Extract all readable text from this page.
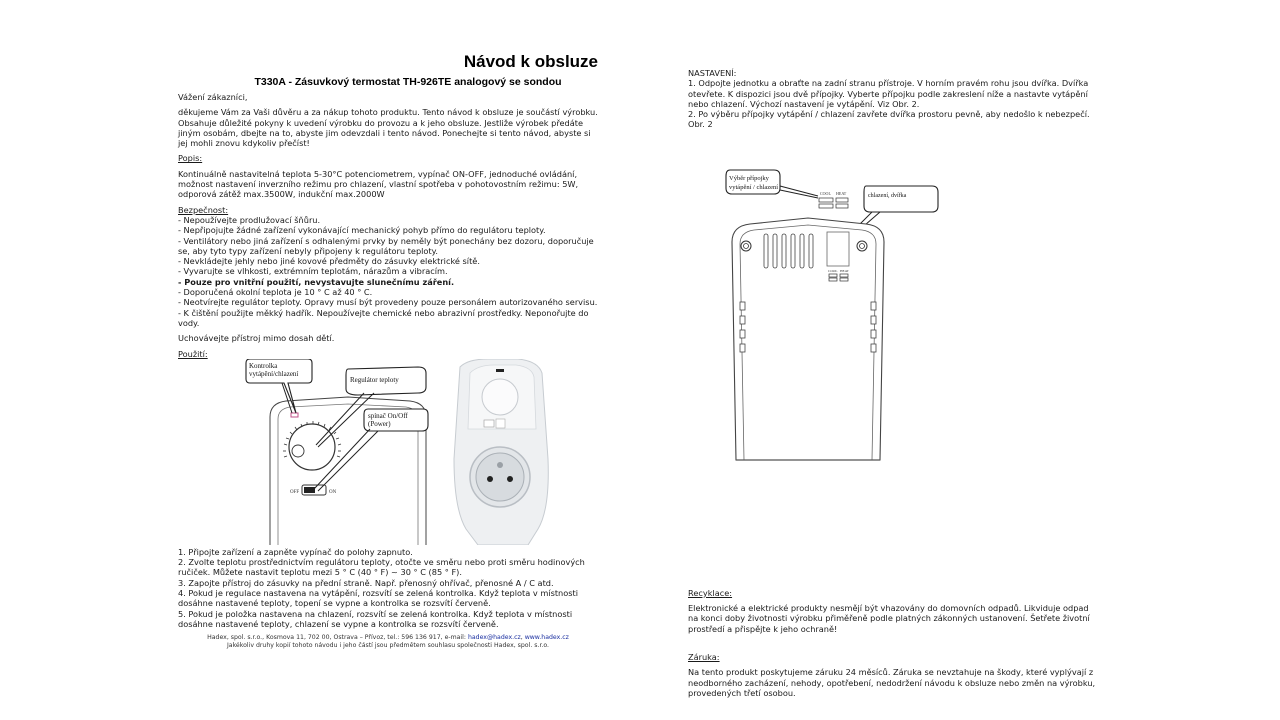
Návod k obsluze
T330A - Zásuvkový termostat TH-926TE analogový se sondou

Vážení zákazníci,

děkujeme Vám za Vaši důvěru a za nákup tohoto produktu. Tento návod k obsluze je součástí výrobku. Obsahuje důležité pokyny k uvedení výrobku do provozu a k jeho obsluze. Jestliže výrobek předáte jiným osobám, dbejte na to, abyste jim odevzdali i tento návod. Ponechejte si tento návod, abyste si jej mohli znovu kdykoliv přečíst!

Popis:

Kontinuálně nastavitelná teplota 5-30°C potenciometrem, vypínač ON-OFF, jednoduché ovládání, možnost nastavení inverzního režimu pro chlazení, vlastní spotřeba v pohotovostním režimu: 5W, odporová zátěž max.3500W, indukční max.2000W

Bezpečnost:

- Nepoužívejte prodlužovací šňůru.
- Nepřipojujte žádné zařízení vykonávající mechanický pohyb přímo do regulátoru teploty.
- Ventilátory nebo jiná zařízení s odhalenými prvky by neměly být ponechány bez dozoru, doporučuje se, aby tyto typy zařízení nebyly připojeny k regulátoru teploty.
- Nevkládejte jehly nebo jiné kovové předměty do zásuvky elektrické sítě.
- Vyvarujte se vlhkosti, extrémním teplotám, nárazům a vibracím.
- Pouze pro vnitřní použití, nevystavujte slunečnímu záření.
- Doporučená okolní teplota je 10 ° C až 40 ° C.
- Neotvírejte regulátor teploty. Opravy musí být provedeny pouze personálem autorizovaného servisu.
- K čištění použijte měkký hadřík. Nepoužívejte chemické nebo abrazivní prostředky. Neponořujte do vody.

Uchovávejte přístroj mimo dosah dětí.

Použití:

OFF	ON
Kontrolka vytápění/chlazení
Regulátor teploty
spínač On/Off
(Power)
1. Připojte zařízení a zapněte vypínač do polohy zapnuto.
2. Zvolte teplotu prostřednictvím regulátoru teploty, otočte ve směru nebo proti směru hodinových ručiček. Můžete nastavit teplotu mezi 5 ° C (40 ° F) ~ 30 ° C (85 ° F).
3. Zapojte přístroj do zásuvky na přední straně. Např. přenosný ohřívač, přenosné A / C atd.
4. Pokud je regulace nastavena na vytápění, rozsvítí se zelená kontrolka. Když teplota v místnosti dosáhne nastavené teploty, topení se vypne a kontrolka se rozsvítí červeně.
5. Pokud je položka nastavena na chlazení, rozsvítí se zelená kontrolka. Když teplota v místnosti dosáhne nastavené teploty, chlazení se vypne a kontrolka se rozsvítí červeně.
Hadex, spol. s.r.o., Kosmova 11, 702 00, Ostrava – Přívoz, tel.: 596 136 917, e-mail: hadex@hadex.cz, www.hadex.cz
Jakékoliv druhy kopií tohoto návodu i jeho částí jsou předmětem souhlasu společnosti Hadex, spol. s.r.o.

NASTAVENÍ:

1. Odpojte jednotku a obraťte na zadní stranu přístroje. V horním pravém rohu jsou dvířka. Dvířka otevřete. K dispozici jsou dvě přípojky. Vyberte přípojku podle zakreslení níže a nastavte vytápění nebo chlazení. Výchozí nastavení je vytápění. Viz Obr. 2.
2. Po výběru přípojky vytápění / chlazení zavřete dvířka prostoru pevně, aby nedošlo k nebezpečí.
Obr. 2
Výběr přípojky
vytápění / chlazení
COOL HEAT	chlazení, dvířka
COOL HEAT

Recyklace:

Elektronické a elektrické produkty nesmějí být vhazovány do domovních odpadů. Likviduje odpad na konci doby životnosti výrobku přiměřeně podle platných zákonných ustanovení. Šetřete životní prostředí a přispějte k jeho ochraně!

Záruka:

Na tento produkt poskytujeme záruku 24 měsíců. Záruka se nevztahuje na škody, které vyplývají z neodborného zacházení, nehody, opotřebení, nedodržení návodu k obsluze nebo změn na výrobku, provedených třetí osobou.
